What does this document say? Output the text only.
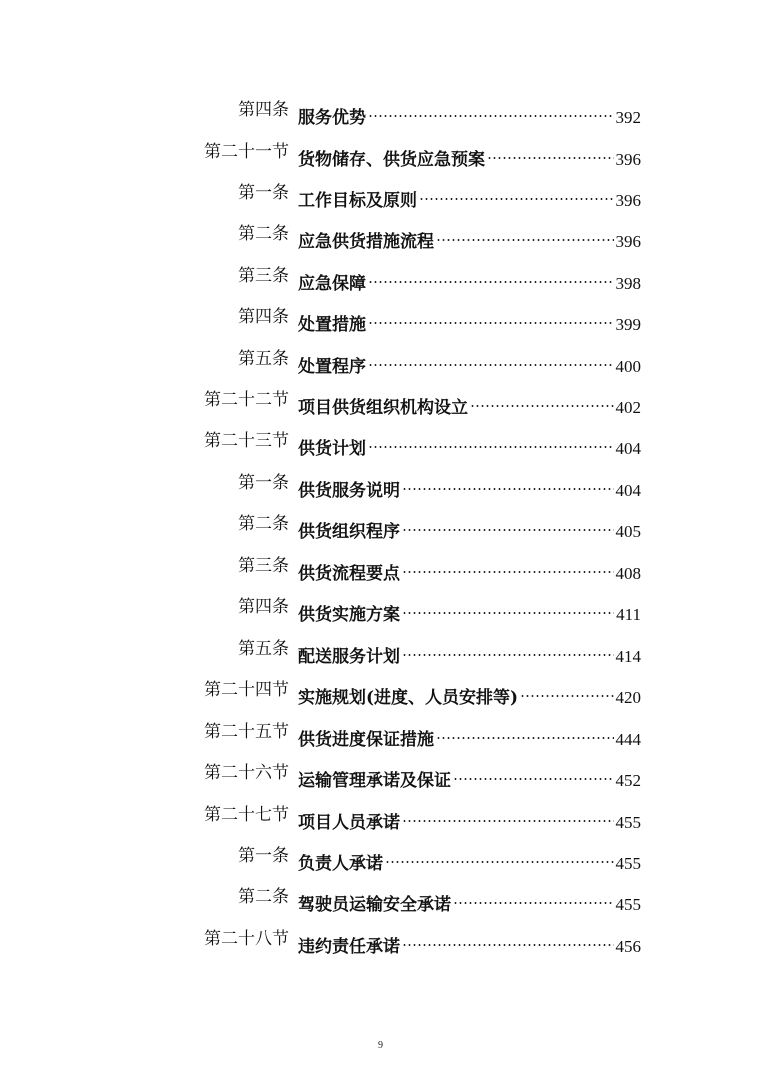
第四条 服务优势	392
第二十一节 货物储存、供货应急预案	396
第一条 工作目标及原则	396
第二条 应急供货措施流程	396
第三条 应急保障	398
第四条 处置措施	399
第五条 处置程序	400
第二十二节 项目供货组织机构设立	402
第二十三节 供货计划	404
第一条 供货服务说明	404
第二条 供货组织程序	405
第三条 供货流程要点	408
第四条 供货实施方案	411
第五条 配送服务计划	414
第二十四节 实施规划(进度、人员安排等)	420
第二十五节 供货进度保证措施	444
第二十六节 运输管理承诺及保证	452
第二十七节 项目人员承诺	455
第一条 负责人承诺	455
第二条 驾驶员运输安全承诺	455
第二十八节 违约责任承诺	456
9
